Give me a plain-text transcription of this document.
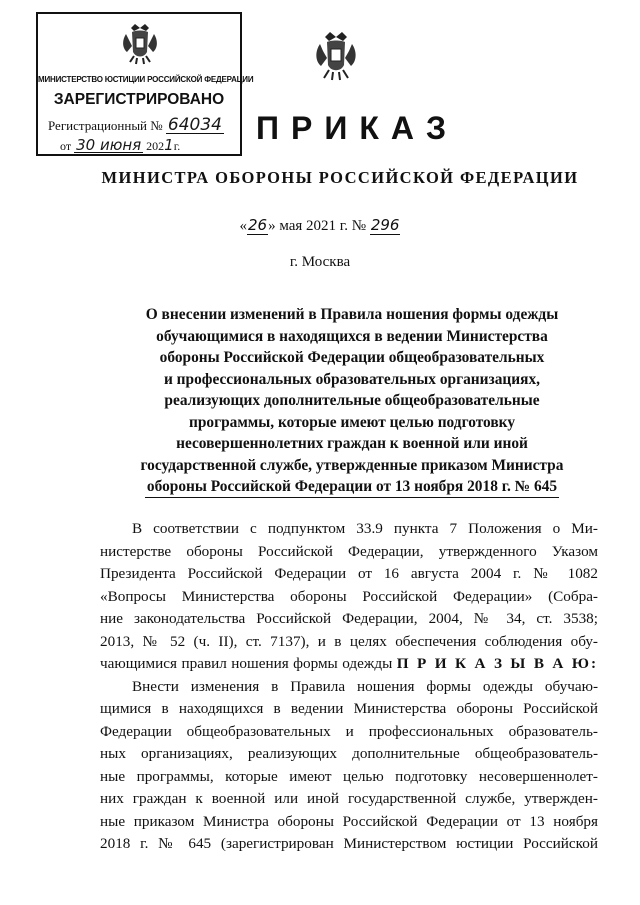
МИНИСТЕРСТВО ЮСТИЦИИ РОССИЙСКОЙ ФЕДЕРАЦИИ
ЗАРЕГИСТРИРОВАНО
Регистрационный № 64034
от 30 июня 2021г. ПРИКАЗ
МИНИСТРА ОБОРОНЫ РОССИЙСКОЙ ФЕДЕРАЦИИ
«26» мая 2021 г. № 296
г. Москва
О внесении изменений в Правила ношения формы одежды
обучающимися в находящихся в ведении Министерства
обороны Российской Федерации общеобразовательных
и профессиональных образовательных организациях,
реализующих дополнительные общеобразовательные
программы, которые имеют целью подготовку
несовершеннолетних граждан к военной или иной
государственной службе, утвержденные приказом Министра
обороны Российской Федерации от 13 ноября 2018 г. № 645
В соответствии с подпунктом 33.9 пункта 7 Положения о Ми-
нистерстве обороны Российской Федерации, утвержденного Указом
Президента Российской Федерации от 16 августа 2004 г. № 1082
«Вопросы Министерства обороны Российской Федерации» (Собра-
ние законодательства Российской Федерации, 2004, № 34, ст. 3538;
2013, № 52 (ч. II), ст. 7137), и в целях обеспечения соблюдения обу-
чающимися правил ношения формы одежды П Р И К А З Ы В А Ю:
Внести изменения в Правила ношения формы одежды обучаю-
щимися в находящихся в ведении Министерства обороны Российской
Федерации общеобразовательных и профессиональных образователь-
ных организациях, реализующих дополнительные общеобразователь-
ные программы, которые имеют целью подготовку несовершеннолет-
них граждан к военной или иной государственной службе, утвержден-
ные приказом Министра обороны Российской Федерации от 13 ноября
2018 г. № 645 (зарегистрирован Министерством юстиции Российской
